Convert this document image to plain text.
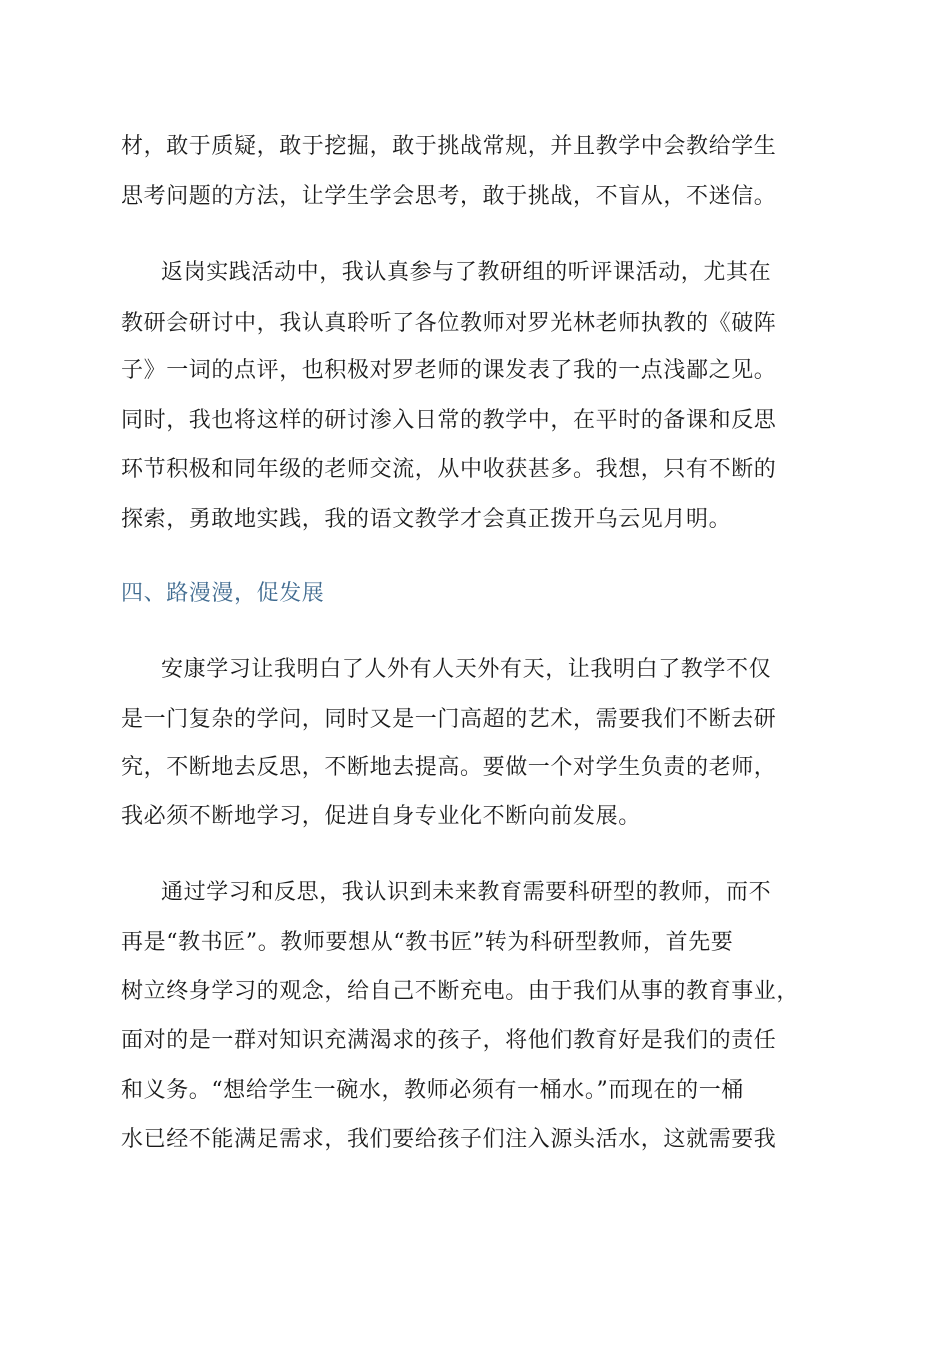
材，敢于质疑，敢于挖掘，敢于挑战常规，并且教学中会教给学生
思考问题的方法，让学生学会思考，敢于挑战，不盲从，不迷信。
返岗实践活动中，我认真参与了教研组的听评课活动，尤其在
教研会研讨中，我认真聆听了各位教师对罗光林老师执教的《破阵
子》一词的点评，也积极对罗老师的课发表了我的一点浅鄙之见。
同时，我也将这样的研讨渗入日常的教学中，在平时的备课和反思
环节积极和同年级的老师交流，从中收获甚多。我想，只有不断的
探索，勇敢地实践，我的语文教学才会真正拨开乌云见月明。
四、路漫漫，促发展
安康学习让我明白了人外有人天外有天，让我明白了教学不仅
是一门复杂的学问，同时又是一门高超的艺术，需要我们不断去研
究，不断地去反思，不断地去提高。要做一个对学生负责的老师，
我必须不断地学习，促进自身专业化不断向前发展。
通过学习和反思，我认识到未来教育需要科研型的教师，而不
再是“教书匠”。教师要想从“教书匠”转为科研型教师，首先要
树立终身学习的观念，给自己不断充电。由于我们从事的教育事业，
面对的是一群对知识充满渴求的孩子，将他们教育好是我们的责任
和义务。“想给学生一碗水，教师必须有一桶水。”而现在的一桶
水已经不能满足需求，我们要给孩子们注入源头活水，这就需要我
